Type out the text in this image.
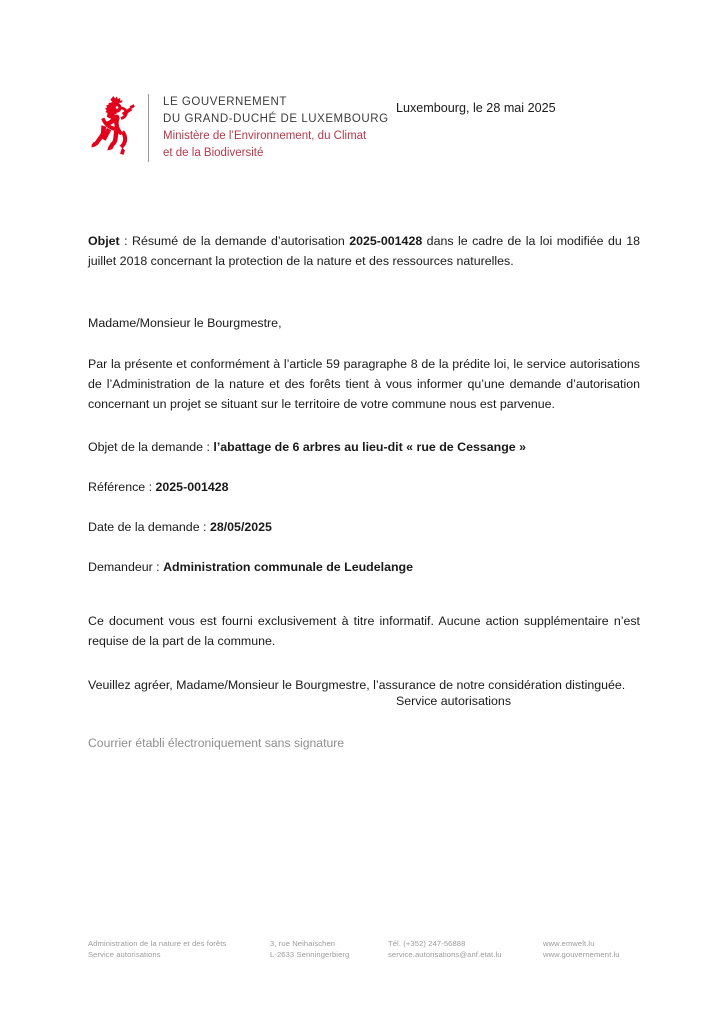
LE GOUVERNEMENT
DU GRAND-DUCHÉ DE LUXEMBOURG
Ministère de l’Environnement, du Climat
et de la Biodiversité
Luxembourg, le 28 mai 2025

Objet : Résumé de la demande d’autorisation 2025-001428 dans le cadre de la loi modifiée du 18 juillet 2018 concernant la protection de la nature et des ressources naturelles.

Madame/Monsieur le Bourgmestre,

Par la présente et conformément à l’article 59 paragraphe 8 de la prédite loi, le service autorisations de l’Administration de la nature et des forêts tient à vous informer qu’une demande d’autorisation concernant un projet se situant sur le territoire de votre commune nous est parvenue.

Objet de la demande : l’abattage de 6 arbres au lieu-dit « rue de Cessange »

Référence : 2025-001428

Date de la demande : 28/05/2025

Demandeur : Administration communale de Leudelange

Ce document vous est fourni exclusivement à titre informatif. Aucune action supplémentaire n’est requise de la part de la commune.

Veuillez agréer, Madame/Monsieur le Bourgmestre, l’assurance de notre considération distinguée.

Service autorisations
Courrier établi électroniquement sans signature
Administration de la nature et des forêts
Service autorisations
3, rue Neihaischen
L-2633 Senningerbierg
Tél. (+352) 247-56888
service.autorisations@anf.etat.lu
www.emwelt.lu
www.gouvernement.lu
